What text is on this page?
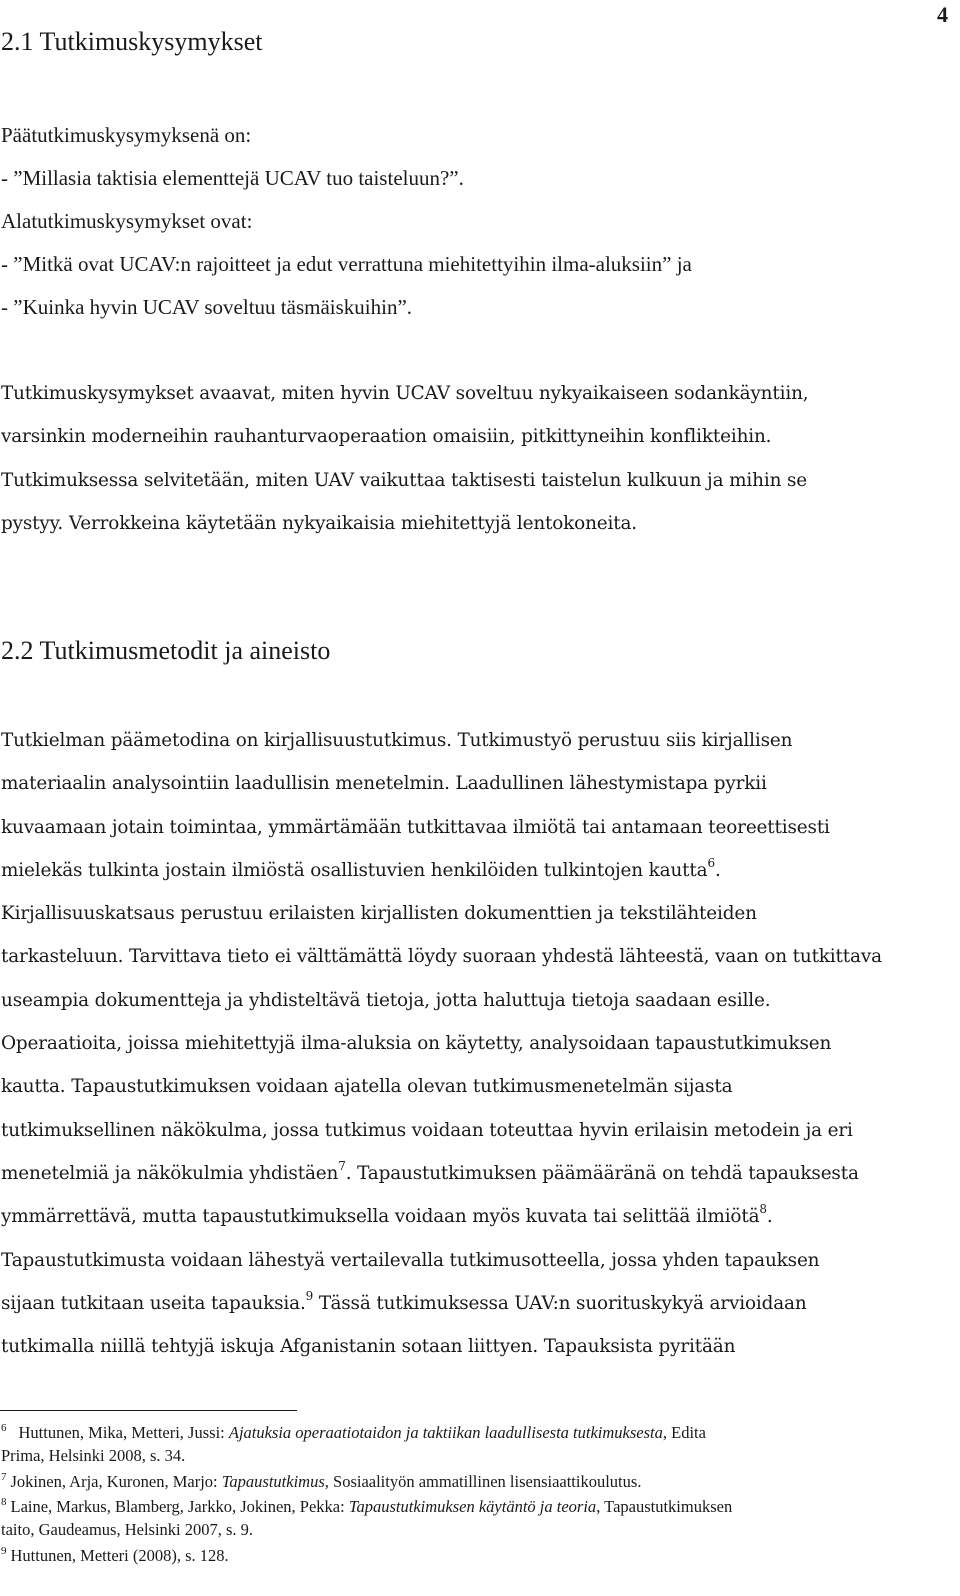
4
2.1 Tutkimuskysymykset
Päätutkimuskysymyksenä on:
- ”Millasia taktisia elementtejä UCAV tuo taisteluun?”.
Alatutkimuskysymykset ovat:
- ”Mitkä ovat UCAV:n rajoitteet ja edut verrattuna miehitettyihin ilma-aluksiin” ja
- ”Kuinka hyvin UCAV soveltuu täsmäiskuihin”.
Tutkimuskysymykset avaavat, miten hyvin UCAV soveltuu nykyaikaiseen sodankäyntiin,
varsinkin moderneihin rauhanturvaoperaation omaisiin, pitkittyneihin konflikteihin.
Tutkimuksessa selvitetään, miten UAV vaikuttaa taktisesti taistelun kulkuun ja mihin se
pystyy. Verrokkeina käytetään nykyaikaisia miehitettyjä lentokoneita.
2.2 Tutkimusmetodit ja aineisto
Tutkielman päämetodina on kirjallisuustutkimus. Tutkimustyö perustuu siis kirjallisen
materiaalin analysointiin laadullisin menetelmin. Laadullinen lähestymistapa pyrkii
kuvaamaan jotain toimintaa, ymmärtämään tutkittavaa ilmiötä tai antamaan teoreettisesti
mielekäs tulkinta jostain ilmiöstä osallistuvien henkilöiden tulkintojen kautta$^6$.
Kirjallisuuskatsaus perustuu erilaisten kirjallisten dokumenttien ja tekstilähteiden
tarkasteluun. Tarvittava tieto ei välttämättä löydy suoraan yhdestä lähteestä, vaan on tutkittava
useampia dokumentteja ja yhdisteltävä tietoja, jotta haluttuja tietoja saadaan esille.
Operaatioita, joissa miehitettyjä ilma-aluksia on käytetty, analysoidaan tapaustutkimuksen
kautta. Tapaustutkimuksen voidaan ajatella olevan tutkimusmenetelmän sijasta
tutkimuksellinen näkökulma, jossa tutkimus voidaan toteuttaa hyvin erilaisin metodein ja eri
menetelmiä ja näkökulmia yhdistäen$^7$. Tapaustutkimuksen päämääränä on tehdä tapauksesta
ymmärrettävä, mutta tapaustutkimuksella voidaan myös kuvata tai selittää ilmiötä$^8$.
Tapaustutkimusta voidaan lähestyä vertailevalla tutkimusotteella, jossa yhden tapauksen
sijaan tutkitaan useita tapauksia.$^9$ Tässä tutkimuksessa UAV:n suorituskykyä arvioidaan
tutkimalla niillä tehtyjä iskuja Afganistanin sotaan liittyen. Tapauksista pyritään
$^6$ Huttunen, Mika, Metteri, Jussi: Ajatuksia operaatiotaidon ja taktiikan laadullisesta tutkimuksesta, Edita
Prima, Helsinki 2008, s. 34.
$^7$ Jokinen, Arja, Kuronen, Marjo: Tapaustutkimus, Sosiaalityön ammatillinen lisensiaattikoulutus.
$^8$ Laine, Markus, Blamberg, Jarkko, Jokinen, Pekka: Tapaustutkimuksen käytäntö ja teoria, Tapaustutkimuksen
taito, Gaudeamus, Helsinki 2007, s. 9.
$^9$ Huttunen, Metteri (2008), s. 128.
